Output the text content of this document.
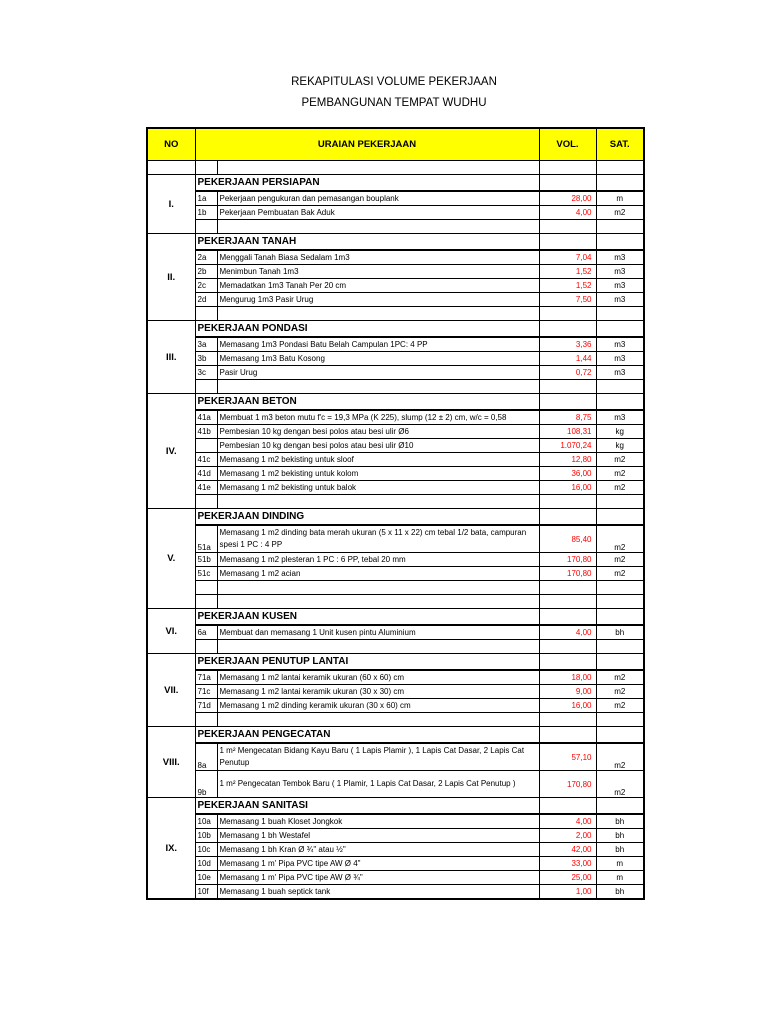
REKAPITULASI VOLUME PEKERJAAN
PEMBANGUNAN TEMPAT WUDHU
NO	URAIAN PEKERJAAN		VOL.	SAT.

I.	PEKERJAAN PERSIAPAN			
	1a	Pekerjaan pengukuran dan pemasangan bouplank	28,00	m
	1b	Pekerjaan Pembuatan Bak Aduk	4,00	m2

II.	PEKERJAAN TANAH			
	2a	Menggali Tanah Biasa Sedalam 1m3	7,04	m3
	2b	Menimbun Tanah 1m3	1,52	m3
	2c	Memadatkan 1m3 Tanah Per 20 cm	1,52	m3
	2d	Mengurug 1m3 Pasir Urug	7,50	m3

III.	PEKERJAAN PONDASI			
	3a	Memasang 1m3 Pondasi Batu Belah Campulan 1PC: 4 PP	3,36	m3
	3b	Memasang 1m3 Batu Kosong	1,44	m3
	3c	Pasir Urug	0,72	m3

IV.	PEKERJAAN BETON			
	41a	Membuat 1 m3 beton mutu f'c = 19,3 MPa (K 225), slump (12 ± 2) cm, w/c = 0,58	8,75	m3
	41b	Pembesian 10 kg dengan besi polos atau besi ulir Ø6	108,31	kg
		Pembesian 10 kg dengan besi polos atau besi ulir Ø10	1.070,24	kg
	41c	Memasang 1 m2 bekisting untuk sloof	12,80	m2
	41d	Memasang 1 m2 bekisting untuk kolom	36,00	m2
	41e	Memasang 1 m2 bekisting untuk balok	16,00	m2

V.	PEKERJAAN DINDING			
	51a	Memasang 1 m2 dinding bata merah ukuran (5 x 11 x 22) cm tebal 1/2 bata, campuran spesi 1 PC : 4 PP	85,40	m2
	51b	Memasang 1 m2 plesteran 1 PC : 6 PP, tebal 20 mm	170,80	m2
	51c	Memasang 1 m2 acian	170,80	m2

VI.	PEKERJAAN KUSEN			
	6a	Membuat dan memasang 1 Unit kusen pintu Aluminium	4,00	bh

VII.	PEKERJAAN PENUTUP LANTAI			
	71a	Memasang 1 m2 lantai keramik ukuran (60 x 60) cm	18,00	m2
	71c	Memasang 1 m2 lantai keramik ukuran (30 x 30) cm	9,00	m2
	71d	Memasang 1 m2 dinding keramik ukuran (30 x 60) cm	16,00	m2

VIII.	PEKERJAAN PENGECATAN			
	8a	1 m² Mengecatan Bidang Kayu Baru ( 1 Lapis Plamir ), 1 Lapis Cat Dasar, 2 Lapis Cat Penutup	57,10	m2
	9b	1 m² Pengecatan Tembok Baru ( 1 Plamir, 1 Lapis Cat Dasar, 2 Lapis Cat Penutup )	170,80	m2
IX.	PEKERJAAN SANITASI			
	10a	Memasang 1 buah Kloset Jongkok	4,00	bh
	10b	Memasang 1 bh Westafel	2,00	bh
	10c	Memasang 1 bh Kran Ø ¾" atau ½"	42,00	bh
	10d	Memasang 1 m' Pipa PVC tipe AW Ø 4"	33,00	m
	10e	Memasang 1 m' Pipa PVC tipe AW Ø ¾"	25,00	m
	10f	Memasang 1 buah septick tank	1,00	bh
